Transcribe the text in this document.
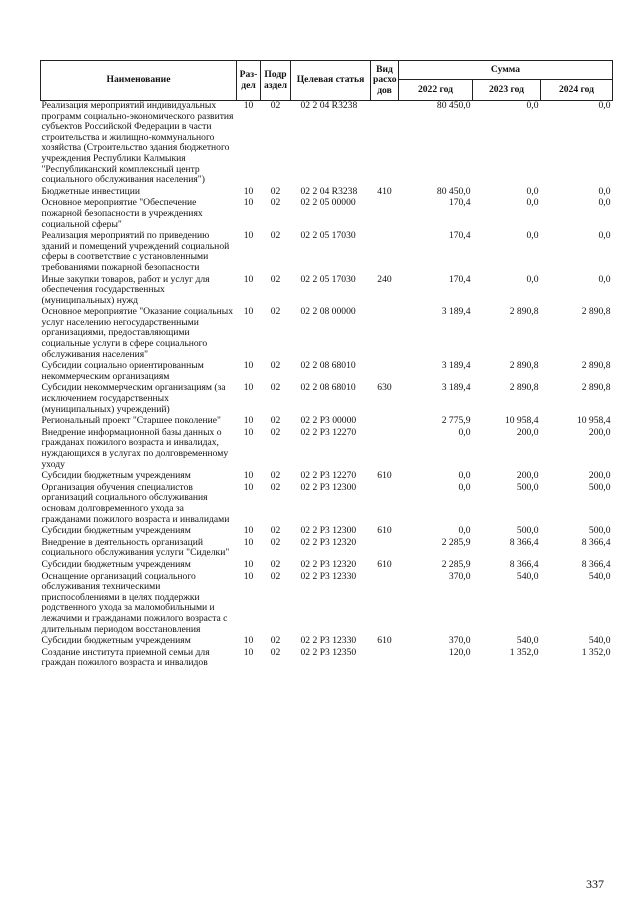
Наименование	Раз-дел	Подр аздел	Целевая статья	Вид расхо дов	Сумма		
					2022 год	2023 год	2024 год
Реализация мероприятий индивидуальных программ социально-экономического развития субъектов Российской Федерации в части строительства и жилищно-коммунального хозяйства (Строительство здания бюджетного учреждения Республики Калмыкия "Республиканский комплексный центр социального обслуживания населения")	10	02	02 2 04 R3238		80 450,0	0,0	0,0
Бюджетные инвестиции	10	02	02 2 04 R3238	410	80 450,0	0,0	0,0
Основное мероприятие "Обеспечение пожарной безопасности в учреждениях социальной сферы"	10	02	02 2 05 00000		170,4	0,0	0,0
Реализация мероприятий по приведению зданий и помещений учреждений социальной сферы в соответствие с установленными требованиями пожарной безопасности	10	02	02 2 05 17030		170,4	0,0	0,0
Иные закупки товаров, работ и услуг для обеспечения государственных (муниципальных) нужд	10	02	02 2 05 17030	240	170,4	0,0	0,0
Основное мероприятие "Оказание социальных услуг населению негосударственными организациями, предоставляющими социальные услуги в сфере социального обслуживания населения"	10	02	02 2 08 00000		3 189,4	2 890,8	2 890,8
Субсидии социально ориентированным некоммерческим организациям	10	02	02 2 08 68010		3 189,4	2 890,8	2 890,8
Субсидии некоммерческим организациям (за исключением государственных (муниципальных) учреждений)	10	02	02 2 08 68010	630	3 189,4	2 890,8	2 890,8
Региональный проект "Старшее поколение"	10	02	02 2 P3 00000		2 775,9	10 958,4	10 958,4
Внедрение информационной базы данных о гражданах пожилого возраста и инвалидах, нуждающихся в услугах по долговременному уходу	10	02	02 2 P3 12270		0,0	200,0	200,0
Субсидии бюджетным учреждениям	10	02	02 2 P3 12270	610	0,0	200,0	200,0
Организация обучения специалистов организаций социального обслуживания основам долговременного ухода за гражданами пожилого возраста и инвалидами	10	02	02 2 P3 12300		0,0	500,0	500,0
Субсидии бюджетным учреждениям	10	02	02 2 P3 12300	610	0,0	500,0	500,0
Внедрение в деятельность организаций социального обслуживания услуги "Сиделки"	10	02	02 2 P3 12320		2 285,9	8 366,4	8 366,4
Субсидии бюджетным учреждениям	10	02	02 2 P3 12320	610	2 285,9	8 366,4	8 366,4
Оснащение организаций социального обслуживания техническими приспособлениями в целях поддержки родственного ухода за маломобильными и лежачими и гражданами пожилого возраста с длительным периодом восстановления	10	02	02 2 P3 12330		370,0	540,0	540,0
Субсидии бюджетным учреждениям	10	02	02 2 P3 12330	610	370,0	540,0	540,0
Создание института приемной семьи для граждан пожилого возраста и инвалидов	10	02	02 2 P3 12350		120,0	1 352,0	1 352,0
337
